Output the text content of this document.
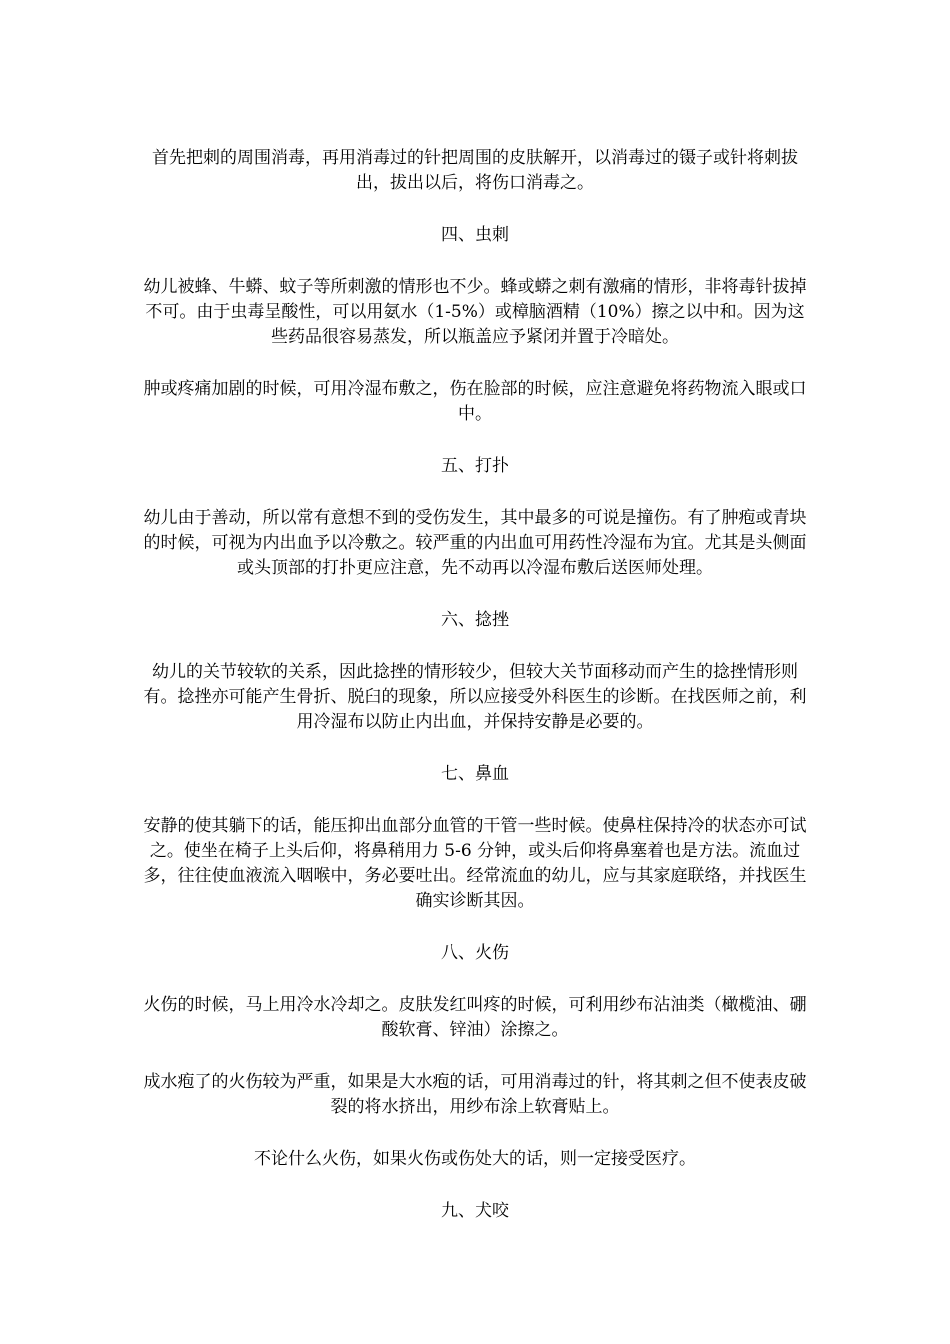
首先把刺的周围消毒，再用消毒过的针把周围的皮肤解开，以消毒过的镊子或针将刺拔出，拔出以后，将伤口消毒之。

四、虫刺

幼儿被蜂、牛蟒、蚊子等所刺激的情形也不少。蜂或蟒之刺有激痛的情形，非将毒针拔掉不可。由于虫毒呈酸性，可以用氨水（1-5%）或樟脑酒精（10%）擦之以中和。因为这些药品很容易蒸发，所以瓶盖应予紧闭并置于冷暗处。

肿或疼痛加剧的时候，可用冷湿布敷之，伤在脸部的时候，应注意避免将药物流入眼或口中。

五、打扑

幼儿由于善动，所以常有意想不到的受伤发生，其中最多的可说是撞伤。有了肿疱或青块的时候，可视为内出血予以冷敷之。较严重的内出血可用药性冷湿布为宜。尤其是头侧面或头顶部的打扑更应注意，先不动再以冷湿布敷后送医师处理。

六、捻挫

幼儿的关节较软的关系，因此捻挫的情形较少，但较大关节面移动而产生的捻挫情形则有。捻挫亦可能产生骨折、脱臼的现象，所以应接受外科医生的诊断。在找医师之前，利用冷湿布以防止内出血，并保持安静是必要的。

七、鼻血

安静的使其躺下的话，能压抑出血部分血管的干管一些时候。使鼻柱保持冷的状态亦可试之。使坐在椅子上头后仰，将鼻稍用力 5-6 分钟，或头后仰将鼻塞着也是方法。流血过多，往往使血液流入咽喉中，务必要吐出。经常流血的幼儿，应与其家庭联络，并找医生确实诊断其因。

八、火伤

火伤的时候，马上用冷水冷却之。皮肤发红叫疼的时候，可利用纱布沾油类（橄榄油、硼酸软膏、锌油）涂擦之。

成水疱了的火伤较为严重，如果是大水疱的话，可用消毒过的针，将其刺之但不使表皮破裂的将水挤出，用纱布涂上软膏贴上。

不论什么火伤，如果火伤或伤处大的话，则一定接受医疗。

九、犬咬
